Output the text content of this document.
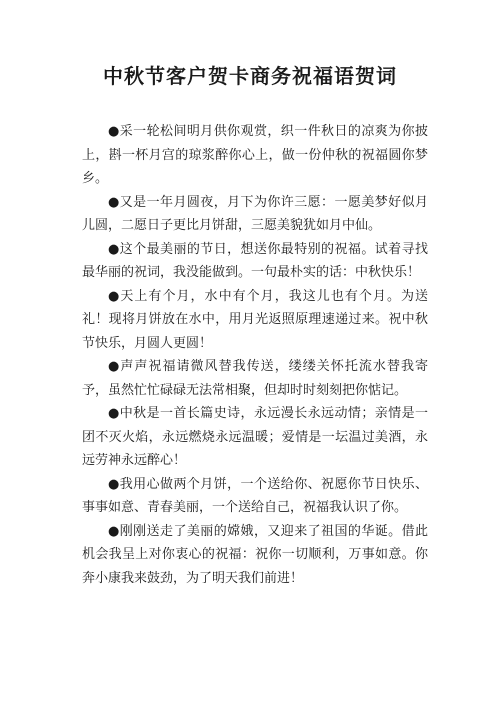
中秋节客户贺卡商务祝福语贺词

●采一轮松间明月供你观赏，织一件秋日的凉爽为你披上，斟一杯月宫的琼浆醉你心上，做一份仲秋的祝福圆你梦乡。

●又是一年月圆夜，月下为你许三愿：一愿美梦好似月儿圆，二愿日子更比月饼甜，三愿美貌犹如月中仙。

●这个最美丽的节日，想送你最特别的祝福。试着寻找最华丽的祝词，我没能做到。一句最朴实的话：中秋快乐！

●天上有个月，水中有个月，我这儿也有个月。为送礼！现将月饼放在水中，用月光返照原理速递过来。祝中秋节快乐，月圆人更圆！

●声声祝福请微风替我传送，缕缕关怀托流水替我寄予，虽然忙忙碌碌无法常相聚，但却时时刻刻把你惦记。

●中秋是一首长篇史诗，永远漫长永远动情；亲情是一团不灭火焰，永远燃烧永远温暖；爱情是一坛温过美酒，永远劳神永远醉心！

●我用心做两个月饼，一个送给你、祝愿你节日快乐、事事如意、青春美丽，一个送给自己，祝福我认识了你。

●刚刚送走了美丽的嫦娥，又迎来了祖国的华诞。借此机会我呈上对你衷心的祝福：祝你一切顺利，万事如意。你奔小康我来鼓劲，为了明天我们前进！
